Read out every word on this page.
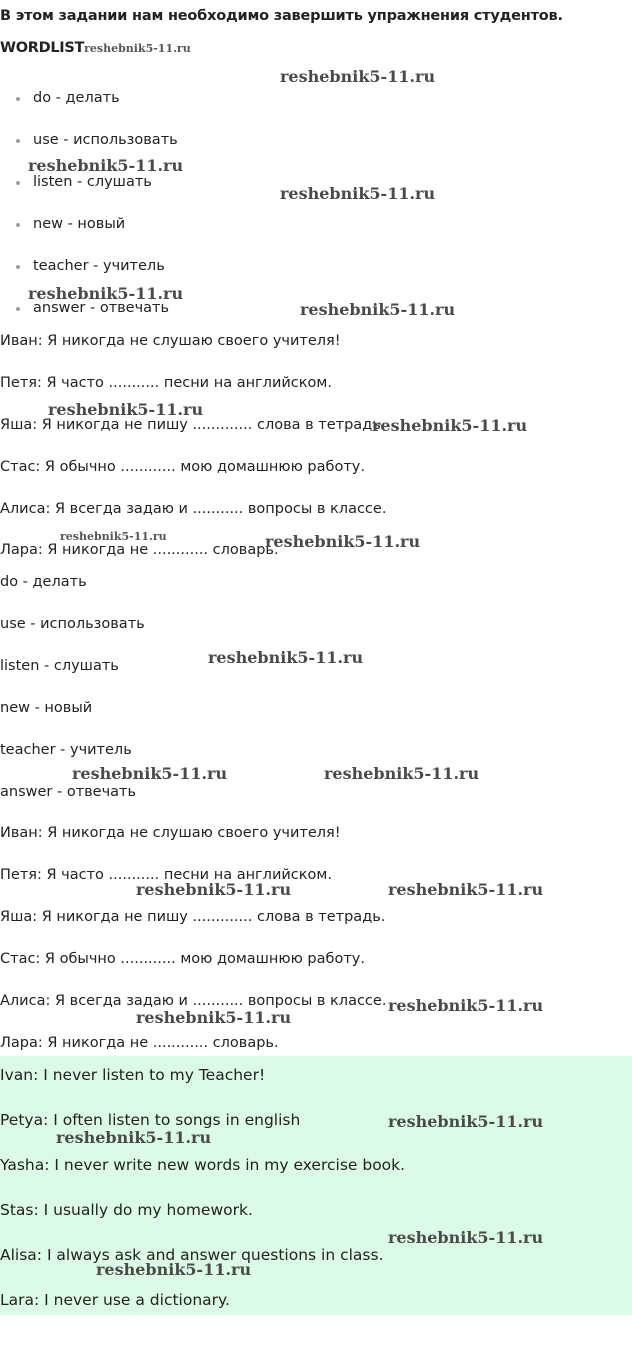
В этом задании нам необходимо завершить упражнения студентов.
WORDLISTreshebnik5-11.ru
do - делать
use - использовать
listen - слушать
new - новый
teacher - учитель
answer - отвечать
Иван: Я никогда не слушаю своего учителя!
Петя: Я часто ........... песни на английском.
Яша: Я никогда не пишу ............. слова в тетрадь.
Стас: Я обычно ............ мою домашнюю работу.
Алиса: Я всегда задаю и ........... вопросы в классе.
Лара: Я никогда не ............ словарь.
do - делать
use - использовать
listen - слушать
new - новый
teacher - учитель
answer - отвечать
Иван: Я никогда не слушаю своего учителя!
Петя: Я часто ........... песни на английском.
Яша: Я никогда не пишу ............. слова в тетрадь.
Стас: Я обычно ............ мою домашнюю работу.
Алиса: Я всегда задаю и ........... вопросы в классе.
Лара: Я никогда не ............ словарь.
Ivan: I never listen to my Teacher!
Petya: I often listen to songs in english
Yasha: I never write new words in my exercise book.
Stas: I usually do my homework.
Alisa: I always ask and answer questions in class.
Lara: I never use a dictionary.
reshebnik5-11.ru
reshebnik5-11.ru
reshebnik5-11.ru
reshebnik5-11.ru
reshebnik5-11.ru
reshebnik5-11.ru
reshebnik5-11.ru
reshebnik5-11.ru	reshebnik5-11.ru
reshebnik5-11.ru
reshebnik5-11.ru	reshebnik5-11.ru
reshebnik5-11.ru	reshebnik5-11.ru
reshebnik5-11.ru
reshebnik5-11.ru
reshebnik5-11.ru
reshebnik5-11.ru
reshebnik5-11.ru
reshebnik5-11.ru
